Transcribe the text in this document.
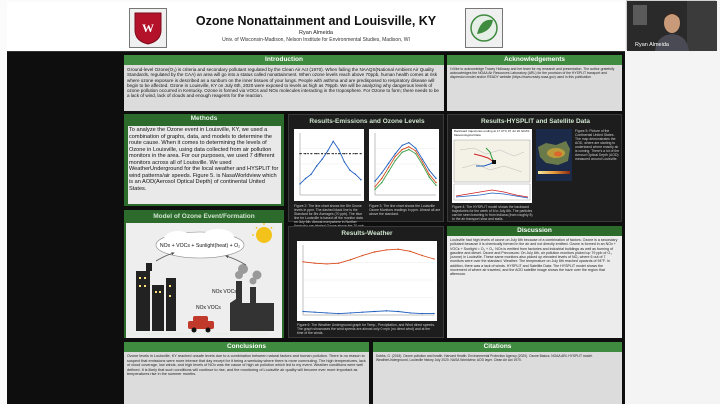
W	Ozone Nonattainment and Louisville, KY
Ryan Almeida
Univ. of Wisconsin-Madison, Nelson Institute for Environmental Studies, Madison, WI
Introduction
Ground-level Ozone(O₃) is criteria and secondary pollutant regulated by the Clean Air Act (1970). When failing the NAAQS(National Ambient Air Quality Standards, regulated by the CAA) an area will go into a status called nonattainment. When ozone levels reach above 70ppb, human health comes at risk where ozone exposure is described as a sunburn on the inner tissues of your lungs. People with asthma and are predisposed to respiratory disease will begin to be affected. Ozone in Louisville, KY on July 6th, 2020 were exposed to levels as high as 79ppb. We will be analyzing why dangerous levels of ozone pollution occurred in Kentucky. Ozone is formed via VOCs and NOx molecules interacting in the troposphere. For Ozone to form; there needs to be a lack of wind, lack of clouds and enough reagents for the reaction.
Acknowledgements
I'd like to acknowledge Tracey Holloway and her team for my research and presentation. The author gratefully acknowledges the NOAA Air Resources Laboratory (ARL) for the provision of the HYSPLIT transport and dispersion model and/or READY website (https://www.ready.noaa.gov) used in this publication
Methods
To analyze the Ozone event in Louisville, KY, we used a combination of graphs, data, and models to determine the route cause. When it comes to determining the levels of Ozone in Louisville, using data collected from air pollution monitors in the area. For our purposes, we used 7 different monitors across all of Louisville. We used WeatherUnderground for the local weather and HYSPLIT for wind patterns/air speeds. Figure 5. is NasaWorldview which is an AOD(Aerosol Optical Depth) of continental United States.
Model of Ozone Event/Formation
NOx + VOCs + Sunlight(heat) + O₂
NOx VOCs
NOx VOCs
Figure 1: Demonstration of where and how VOCs and NOx together form ground-level Ozone.
Results-Emissions and Ozone Levels
Figure 2: The line chart shows the 8hr Ozone levels in ppm. The dashed black line is the Standard for 8hr Averages (70 ppb). The blue line for Louisville is based off the monitor data on July 6th. Almost everywhere in Norther
Figure 3: The line chart shows the Louisville Ozone Monitors readings in ppm. Almost all are above the standard.
Results-Weather
Figure 6: The Weather Underground graph for Temp., Precipitation, and Wind direct speeds. The graph showcases the wind speeds are almost only 0 mph (no direct wind) and at the time of the winds.
Results-HYSPLIT and Satellite Data
Backward trajectories ending at 17 UTC 07 Jul 20 GDAS Meteorological Data
Figure 5: Picture of the Continental United States. The map demonstrates the AOD, where are starting to understand where exactly air is coming. There's a lot of the Aerosol Optical Depth (AOD) measured around Louisville.
Figure 4: The HYSPLIT model shows the backward trajectories for the week of 6 to July 6th. The particles can be seen traveling in from Indiana (from roughly 8) to the air transport slow and stalls.
Discussion
Louisville had high levels of ozone on July 6th because of a combination of factors. Ozone is a secondary pollutant because it is chemically formed in the air and not directly emitted. Ozone is formed in an NOx + VOCs + Sunlight = O₃ + O₂. NOx is emitted from factories and industrial buildings as well as burning of gasoline and diesel. Ozone and Precursors: On July 6th, air pollution monitors picked up 79 ppb of O₃ (ozone) in Louisville. These same monitors also picked up elevated levels of NO₂ where 6 out of 7 monitors were over the standard. Weather: The temperature on July 6th reached upwards of 94°F. In addition, there was a lack of winds. HYSPLIT and Satellite Data: The HYSPLIT model shows the movement of where air traveled, and the AOD satellite image shows the haze over the region that afternoon.
Conclusions
Ozone levels in Louisville, KY reached unsafe levels due to a combination between natural factors and human pollution. There is no reason to suspect that emissions were more intense that day except for it being a weekday where there is more commuting. The high temperatures, lack of cloud coverage, low winds, and high levels of NOx was the cause of high air pollution which led to my event. Weather conditions were well defined. It is likely that such conditions will continue to rise, and the monitoring of Louisville air quality will become ever more important as temperatures rise in the summer months.
Citations
Dobbs, G. (2015). Ozone pollution and health. Harvard Health. Environmental Protection Agency (2020). Ozone Basics. NOAA ARL HYSPLIT model. WeatherUnderground, Louisville history July 2020. NASA Worldview, AOD layer. Clean Air Act 1970.
Ryan Almeida
